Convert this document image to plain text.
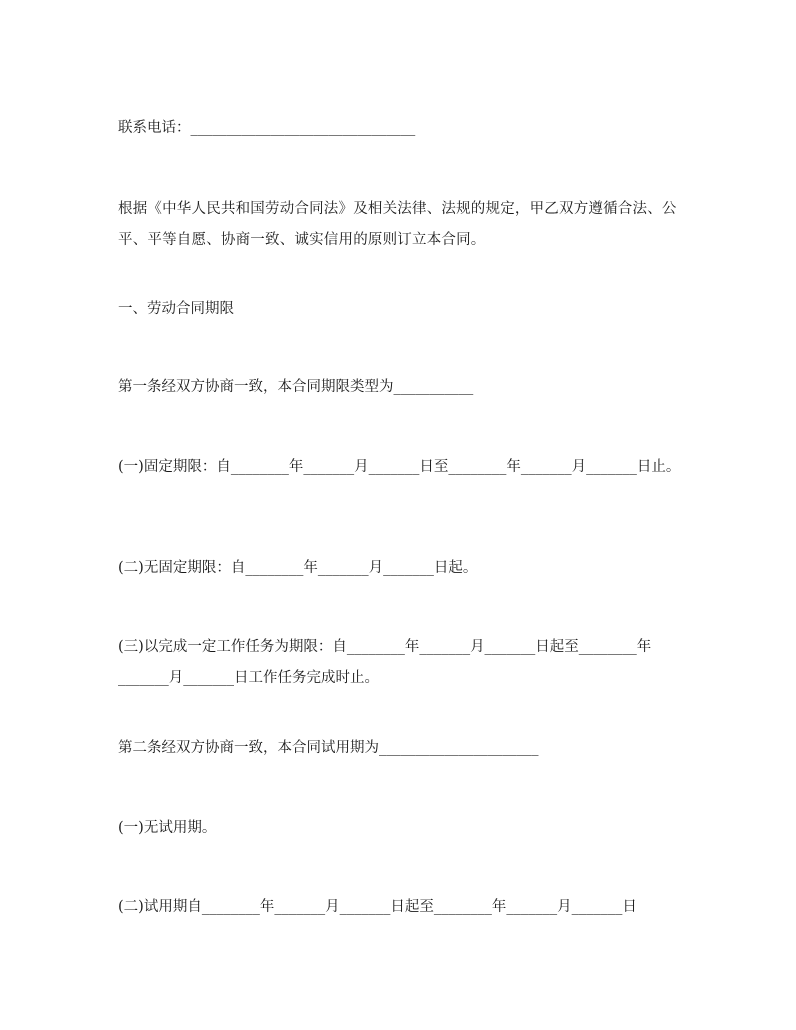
联系电话：_______________________________
根据《中华人民共和国劳动合同法》及相关法律、法规的规定，甲乙双方遵循合法、公平、平等自愿、协商一致、诚实信用的原则订立本合同。
一、劳动合同期限
第一条经双方协商一致，本合同期限类型为___________
(一)固定期限：自________年_______月_______日至________年_______月_______日止。
(二)无固定期限：自________年_______月_______日起。
(三)以完成一定工作任务为期限：自________年_______月_______日起至________年_______月_______日工作任务完成时止。
第二条经双方协商一致，本合同试用期为______________________
(一)无试用期。
(二)试用期自________年_______月_______日起至________年_______月_______日
